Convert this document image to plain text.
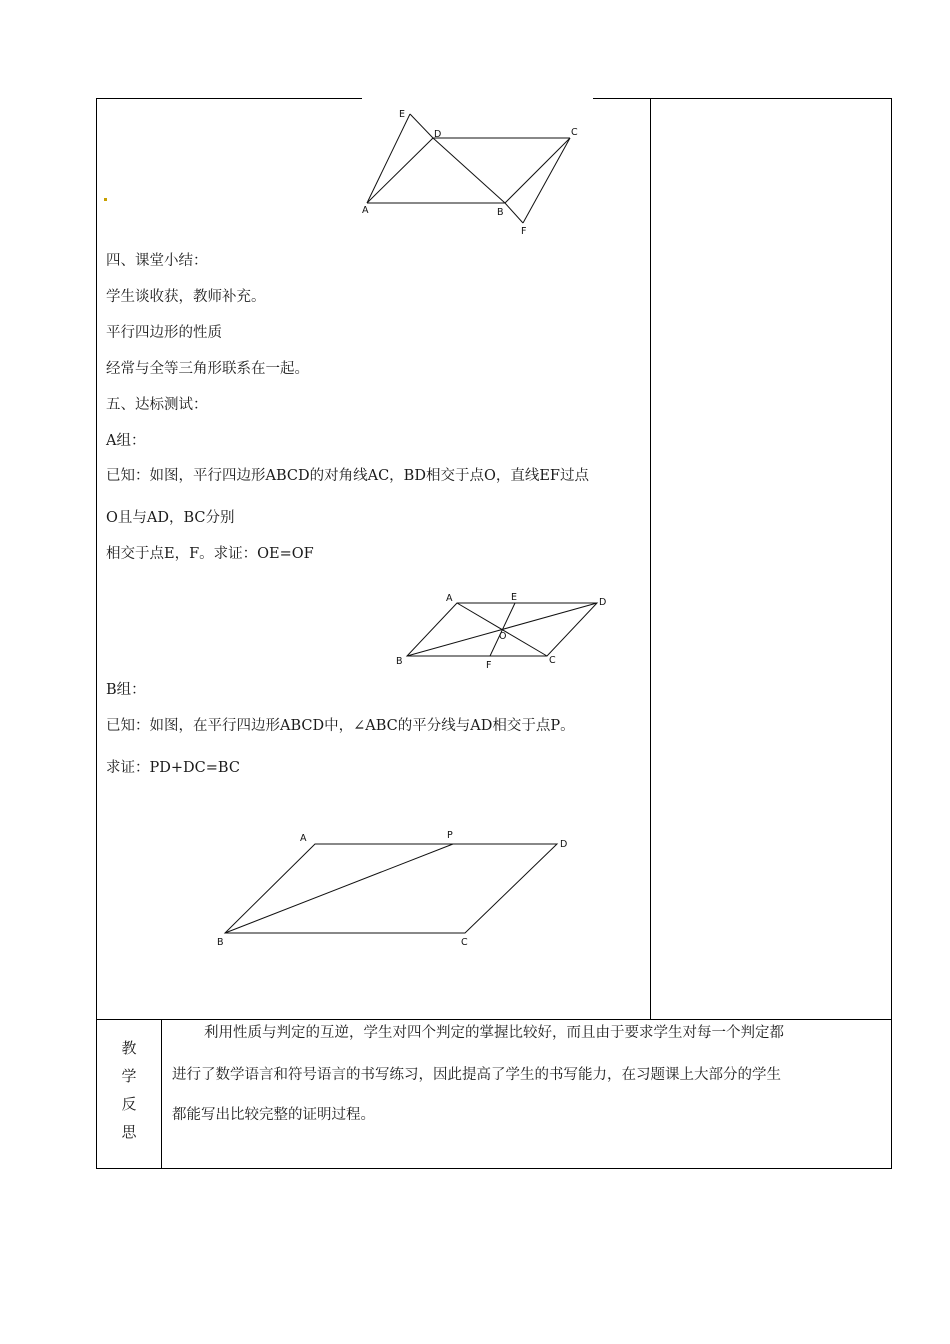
E
D	C
A	B
F
四、课堂小结：
学生谈收获，教师补充。
平行四边形的性质
经常与全等三角形联系在一起。
五、达标测试：
A组：
已知：如图，平行四边形ABCD的对角线AC，BD相交于点O，直线EF过点
O且与AD，BC分别
相交于点E，F。求证：OE=OF
A	E	D
O
B	F	C
B组：
已知：如图，在平行四边形ABCD中，∠ABC的平分线与AD相交于点P。
求证：PD+DC=BC
A	P
D
B	C
教
学
反
思
利用性质与判定的互逆，学生对四个判定的掌握比较好，而且由于要求学生对每一个判定都
进行了数学语言和符号语言的书写练习，因此提高了学生的书写能力，在习题课上大部分的学生
都能写出比较完整的证明过程。
